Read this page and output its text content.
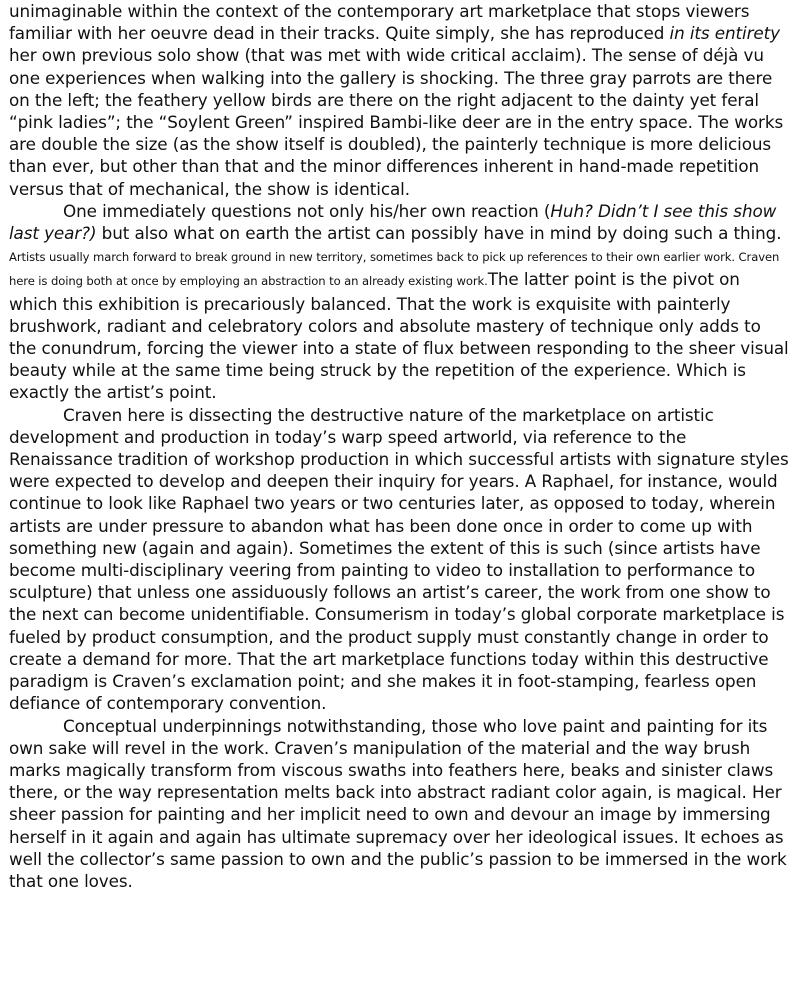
unimaginable within the context of the contemporary art marketplace that stops viewers familiar with her oeuvre dead in their tracks. Quite simply, she has reproduced in its entirety her own previous solo show (that was met with wide critical acclaim). The sense of déjà vu one experiences when walking into the gallery is shocking. The three gray parrots are there on the left; the feathery yellow birds are there on the right adjacent to the dainty yet feral “pink ladies”; the “Soylent Green” inspired Bambi-like deer are in the entry space. The works are double the size (as the show itself is doubled), the painterly technique is more delicious than ever, but other than that and the minor differences inherent in hand-made repetition versus that of mechanical, the show is identical.

One immediately questions not only his/her own reaction (Huh? Didn’t I see this show last year?) but also what on earth the artist can possibly have in mind by doing such a thing. Artists usually march forward to break ground in new territory, sometimes back to pick up references to their own earlier work. Craven here is doing both at once by employing an abstraction to an already existing work.The latter point is the pivot on which this exhibition is precariously balanced. That the work is exquisite with painterly brushwork, radiant and celebratory colors and absolute mastery of technique only adds to the conundrum, forcing the viewer into a state of flux between responding to the sheer visual beauty while at the same time being struck by the repetition of the experience. Which is exactly the artist’s point.

Craven here is dissecting the destructive nature of the marketplace on artistic development and production in today’s warp speed artworld, via reference to the Renaissance tradition of workshop production in which successful artists with signature styles were expected to develop and deepen their inquiry for years. A Raphael, for instance, would continue to look like Raphael two years or two centuries later, as opposed to today, wherein artists are under pressure to abandon what has been done once in order to come up with something new (again and again). Sometimes the extent of this is such (since artists have become multi-disciplinary veering from painting to video to installation to performance to sculpture) that unless one assiduously follows an artist’s career, the work from one show to the next can become unidentifiable. Consumerism in today’s global corporate marketplace is fueled by product consumption, and the product supply must constantly change in order to create a demand for more. That the art marketplace functions today within this destructive paradigm is Craven’s exclamation point; and she makes it in foot-stamping, fearless open defiance of contemporary convention.

Conceptual underpinnings notwithstanding, those who love paint and painting for its own sake will revel in the work. Craven’s manipulation of the material and the way brush marks magically transform from viscous swaths into feathers here, beaks and sinister claws there, or the way representation melts back into abstract radiant color again, is magical. Her sheer passion for painting and her implicit need to own and devour an image by immersing herself in it again and again has ultimate supremacy over her ideological issues. It echoes as well the collector’s same passion to own and the public’s passion to be immersed in the work that one loves.
